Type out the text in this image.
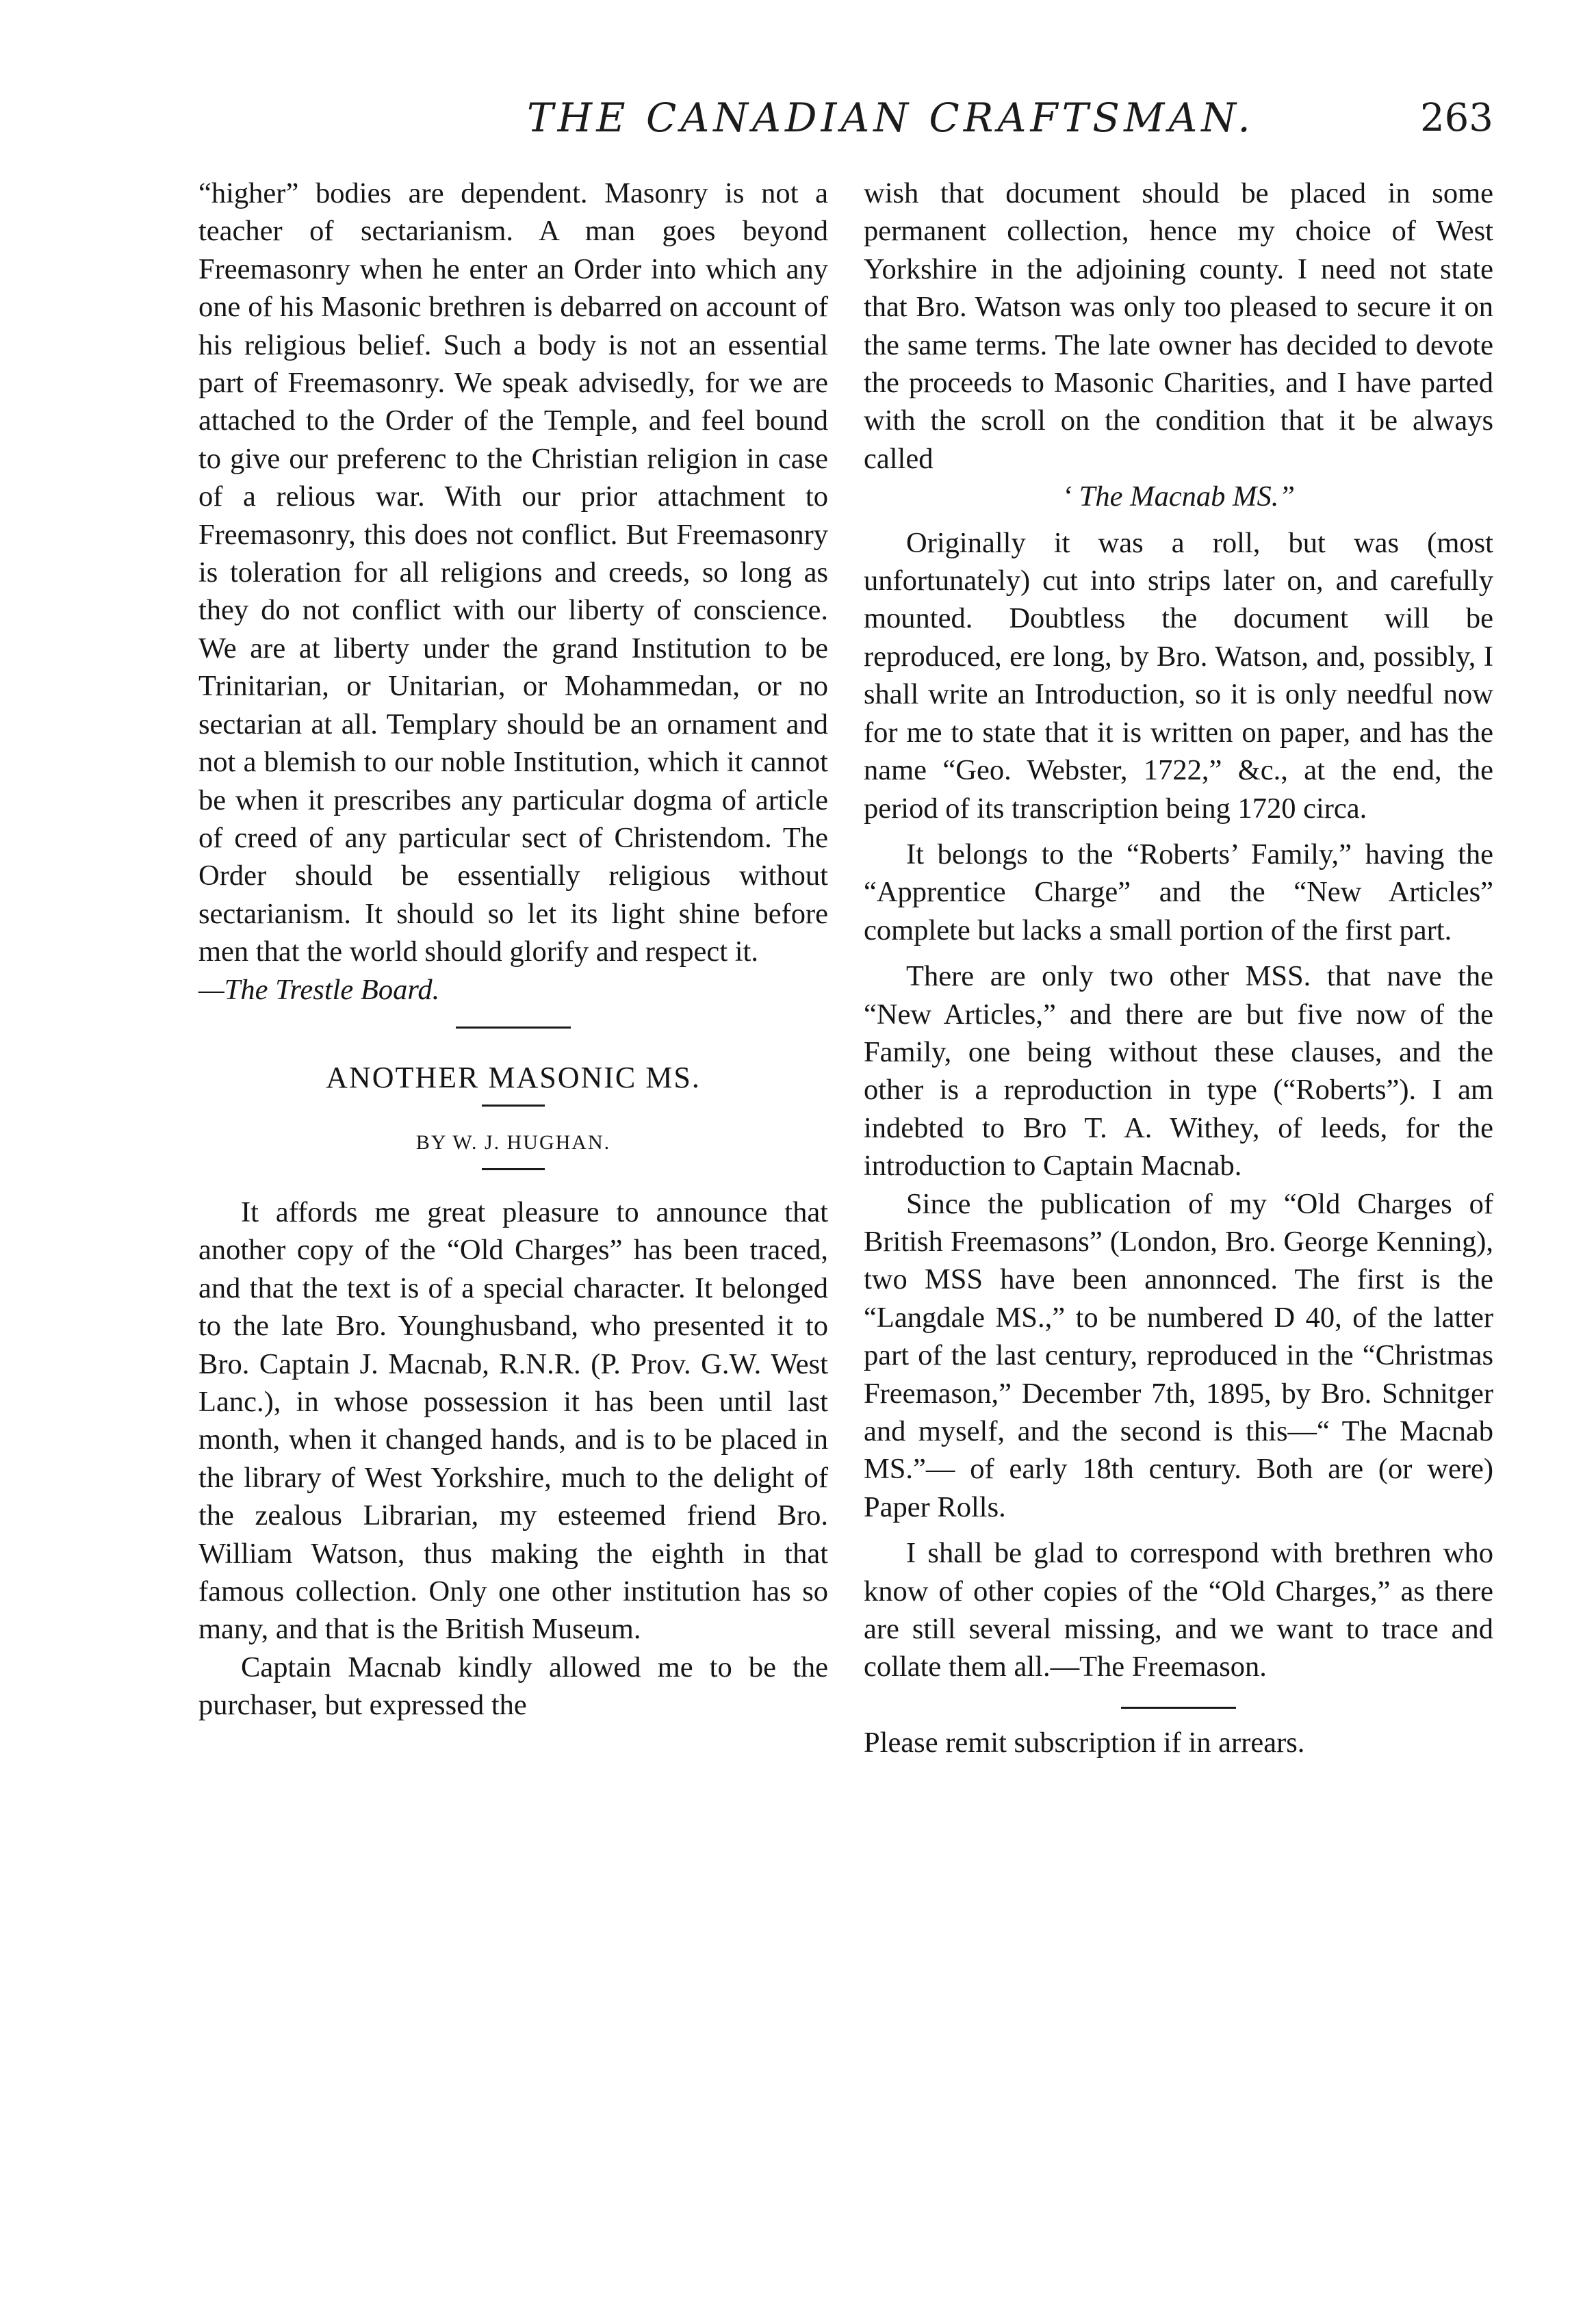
THE CANADIAN CRAFTSMAN.	263

“higher” bodies are dependent. Masonry is not a teacher of sectarianism. A man goes beyond Freemasonry when he enter an Order into which any one of his Masonic brethren is debarred on account of his religious belief. Such a body is not an essential part of Freemasonry. We speak advisedly, for we are attached to the Order of the Temple, and feel bound to give our preferenc to the Christian religion in case of a relious war. With our prior attachment to Freemasonry, this does not conflict. But Freemasonry is toleration for all religions and creeds, so long as they do not conflict with our liberty of conscience. We are at liberty under the grand Institution to be Trinitarian, or Unitarian, or Mohammedan, or no sectarian at all. Templary should be an ornament and not a blemish to our noble Institution, which it cannot be when it prescribes any particular dogma of article of creed of any particular sect of Christendom. The Order should be essentially religious without sectarianism. It should so let its light shine before men that the world should glorify and respect it.

—The Trestle Board.

ANOTHER MASONIC MS.

BY W. J. HUGHAN.

It affords me great pleasure to announce that another copy of the “Old Charges” has been traced, and that the text is of a special character. It belonged to the late Bro. Younghusband, who presented it to Bro. Captain J. Macnab, R.N.R. (P. Prov. G.W. West Lanc.), in whose possession it has been until last month, when it changed hands, and is to be placed in the library of West Yorkshire, much to the delight of the zealous Librarian, my esteemed friend Bro. William Watson, thus making the eighth in that famous collection. Only one other institution has so many, and that is the British Museum.

Captain Macnab kindly allowed me to be the purchaser, but expressed the

wish that document should be placed in some permanent collection, hence my choice of West Yorkshire in the adjoining county. I need not state that Bro. Watson was only too pleased to secure it on the same terms. The late owner has decided to devote the proceeds to Masonic Charities, and I have parted with the scroll on the condition that it be always called

‘ The Macnab MS.”

Originally it was a roll, but was (most unfortunately) cut into strips later on, and carefully mounted. Doubtless the document will be reproduced, ere long, by Bro. Watson, and, possibly, I shall write an Introduction, so it is only needful now for me to state that it is written on paper, and has the name “Geo. Webster, 1722,” &c., at the end, the period of its transcription being 1720 circa.

It belongs to the “Roberts’ Family,” having the “Apprentice Charge” and the “New Articles” complete but lacks a small portion of the first part.

There are only two other MSS. that nave the “New Articles,” and there are but five now of the Family, one being without these clauses, and the other is a reproduction in type (“Roberts”). I am indebted to Bro T. A. Withey, of leeds, for the introduction to Captain Macnab.

Since the publication of my “Old Charges of British Freemasons” (London, Bro. George Kenning), two MSS have been annonnced. The first is the “Langdale MS.,” to be numbered D 40, of the latter part of the last century, reproduced in the “Christmas Freemason,” December 7th, 1895, by Bro. Schnitger and myself, and the second is this—“ The Macnab MS.”— of early 18th century. Both are (or were) Paper Rolls.

I shall be glad to correspond with brethren who know of other copies of the “Old Charges,” as there are still several missing, and we want to trace and collate them all.—The Freemason.

Please remit subscription if in arrears.
